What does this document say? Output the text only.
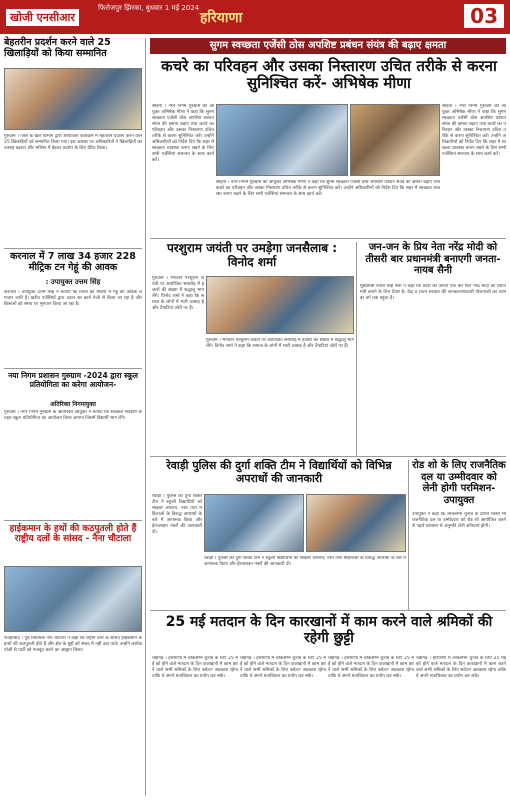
खोजी एनसीआर
फिरोजपुर झिरका, बुधवार 1 मई 2024
हरियाणा	03
बेहतरीन प्रदर्शन करने वाले 25 खिलाड़ियों को किया सम्मानित
गुरुग्राम । जिले के खेल विभाग द्वारा आयोजित कार्यक्रम में बेहतरीन प्रदर्शन करने वाले 25 खिलाड़ियों को सम्मानित किया गया। इस अवसर पर अधिकारियों ने खिलाड़ियों का उत्साह बढ़ाया और भविष्य में बेहतर प्रदर्शन के लिए प्रेरित किया।
करनाल में 7 लाख 34 हजार 228 मीट्रिक टन गेहूं की आवक
: उपायुक्त उत्तम सिंह
करनाल । उपायुक्त उत्तम सिंह ने बताया कि जिला की मंडियों में गेहूं की आवक लगातार जारी है। खरीद एजेंसियों द्वारा उठान का कार्य तेजी से किया जा रहा है और किसानों को समय पर भुगतान किया जा रहा है।
नया निगम प्रशासन गुरुग्राम -2024 द्वारा स्कूल प्रतियोगिता का करेगा आयोजन-
अतिरिक्त निगमायुक्त
गुरुग्राम । नगर निगम गुरुग्राम के अतिरिक्त आयुक्त ने बताया कि स्वच्छता सर्वेक्षण के तहत स्कूल प्रतियोगिता का आयोजन किया जाएगा जिसमें विद्यार्थी भाग लेंगे।
हाईकमान के हथों की कठपुतली होते हैं राष्ट्रीय दलों के सांसद - नैना चौटाला
फतेहाबाद । पूर्व विधायक नैना चौटाला ने कहा कि राष्ट्रीय दलों के सांसद हाईकमान के हाथों की कठपुतली होते हैं और क्षेत्र के मुद्दों को संसद में नहीं उठा पाते। उन्होंने कार्यकर्ताओं से पार्टी को मजबूत करने का आह्वान किया।
सुगम स्वच्छता एजेंसी ठोस अपशिष्ट प्रबंधन संयंत्र की बढ़ाए क्षमता
कचरे का परिवहन और उसका निस्तारण उचित तरीके से करना सुनिश्चित करें- अभिषेक मीणा
सोहना । नगर निगम गुरुग्राम की आयुक्त अभिषेक मीणा ने कहा कि सुगम स्वच्छता एजेंसी ठोस अपशिष्ट प्रबंधन संयंत्र की क्षमता बढ़ाए तथा कचरे का परिवहन और उसका निस्तारण उचित तरीके से करना सुनिश्चित करें। उन्होंने अधिकारियों को निर्देश दिए कि शहर में स्वच्छता व्यवस्था बनाए रखने के लिए सभी एजेंसियां समन्वय के साथ कार्य करें।
सोहना । नगर निगम गुरुग्राम की आयुक्त अभिषेक मीणा ने कहा कि सुगम स्वच्छता एजेंसी ठोस अपशिष्ट प्रबंधन संयंत्र की क्षमता बढ़ाए तथा कचरे का परिवहन और उसका निस्तारण उचित तरीके से करना सुनिश्चित करें। उन्होंने अधिकारियों को निर्देश दिए कि शहर में स्वच्छता व्यवस्था बनाए रखने के लिए सभी एजेंसियां समन्वय के साथ कार्य करें।
सोहना । नगर निगम गुरुग्राम की आयुक्त अभिषेक मीणा ने कहा कि सुगम स्वच्छता एजेंसी ठोस अपशिष्ट प्रबंधन संयंत्र की क्षमता बढ़ाए तथा कचरे का परिवहन और उसका निस्तारण उचित तरीके से करना सुनिश्चित करें। उन्होंने अधिकारियों को निर्देश दिए कि शहर में स्वच्छता व्यवस्था बनाए रखने के लिए सभी एजेंसियां समन्वय के साथ कार्य करें।
परशुराम जयंती पर उमड़ेगा जनसैलाब : विनोद शर्मा
गुरुग्राम । भगवान परशुराम जयंती पर आयोजित समारोह में हजारों की संख्या में श्रद्धालु भाग लेंगे। विनोद शर्मा ने कहा कि समाज के लोगों में भारी उत्साह है और तैयारियां जोरों पर हैं।
गुरुग्राम । भगवान परशुराम जयंती पर आयोजित समारोह में हजारों की संख्या में श्रद्धालु भाग लेंगे। विनोद शर्मा ने कहा कि समाज के लोगों में भारी उत्साह है और तैयारियां जोरों पर हैं।
जन-जन के प्रिय नेता नरेंद्र मोदी को तीसरी बार प्रधानमंत्री बनाएगी जनता-नायब सैनी
मुख्यमंत्री नायब सिंह सैनी ने कहा कि प्रदेश की जनता एक बार फिर नरेंद्र मोदी को प्रधानमंत्री बनाने के लिए तैयार है। केंद्र व राज्य सरकार की जनकल्याणकारी योजनाओं का लाभ हर वर्ग तक पहुंचा है।
रेवाड़ी पुलिस की दुर्गा शक्ति टीम ने विद्यार्थियों को विभिन्न अपराधों की जानकारी
रेवाड़ी । पुलिस की दुर्गा शक्ति टीम ने स्कूली विद्यार्थियों को साइबर अपराध, नशा तथा महिलाओं के विरुद्ध अपराधों के बारे में जागरूक किया और हेल्पलाइन नंबरों की जानकारी दी।
रेवाड़ी । पुलिस की दुर्गा शक्ति टीम ने स्कूली विद्यार्थियों को साइबर अपराध, नशा तथा महिलाओं के विरुद्ध अपराधों के बारे में जागरूक किया और हेल्पलाइन नंबरों की जानकारी दी।
रोड शो के लिए राजनैतिक दल या उम्मीदवार को लेनी होगी परमिशन-उपायुक्त
उपायुक्त ने कहा कि लोकसभा चुनाव के दौरान किसी भी राजनैतिक दल या उम्मीदवार को रोड शो आयोजित करने से पहले प्रशासन से अनुमति लेनी अनिवार्य होगी।
25 मई मतदान के दिन कारखानों में काम करने वाले श्रमिकों की रहेगी छुट्टी
चंडीगढ़ । हरियाणा में लोकसभा चुनाव के लिए 25 मई को होने वाले मतदान के दिन कारखानों में काम करने वाले सभी श्रमिकों के लिए सवेतन अवकाश रहेगा ताकि वे अपने मताधिकार का प्रयोग कर सकें।
चंडीगढ़ । हरियाणा में लोकसभा चुनाव के लिए 25 मई को होने वाले मतदान के दिन कारखानों में काम करने वाले सभी श्रमिकों के लिए सवेतन अवकाश रहेगा ताकि वे अपने मताधिकार का प्रयोग कर सकें।
चंडीगढ़ । हरियाणा में लोकसभा चुनाव के लिए 25 मई को होने वाले मतदान के दिन कारखानों में काम करने वाले सभी श्रमिकों के लिए सवेतन अवकाश रहेगा ताकि वे अपने मताधिकार का प्रयोग कर सकें।
चंडीगढ़ । हरियाणा में लोकसभा चुनाव के लिए 25 मई को होने वाले मतदान के दिन कारखानों में काम करने वाले सभी श्रमिकों के लिए सवेतन अवकाश रहेगा ताकि वे अपने मताधिकार का प्रयोग कर सकें।
